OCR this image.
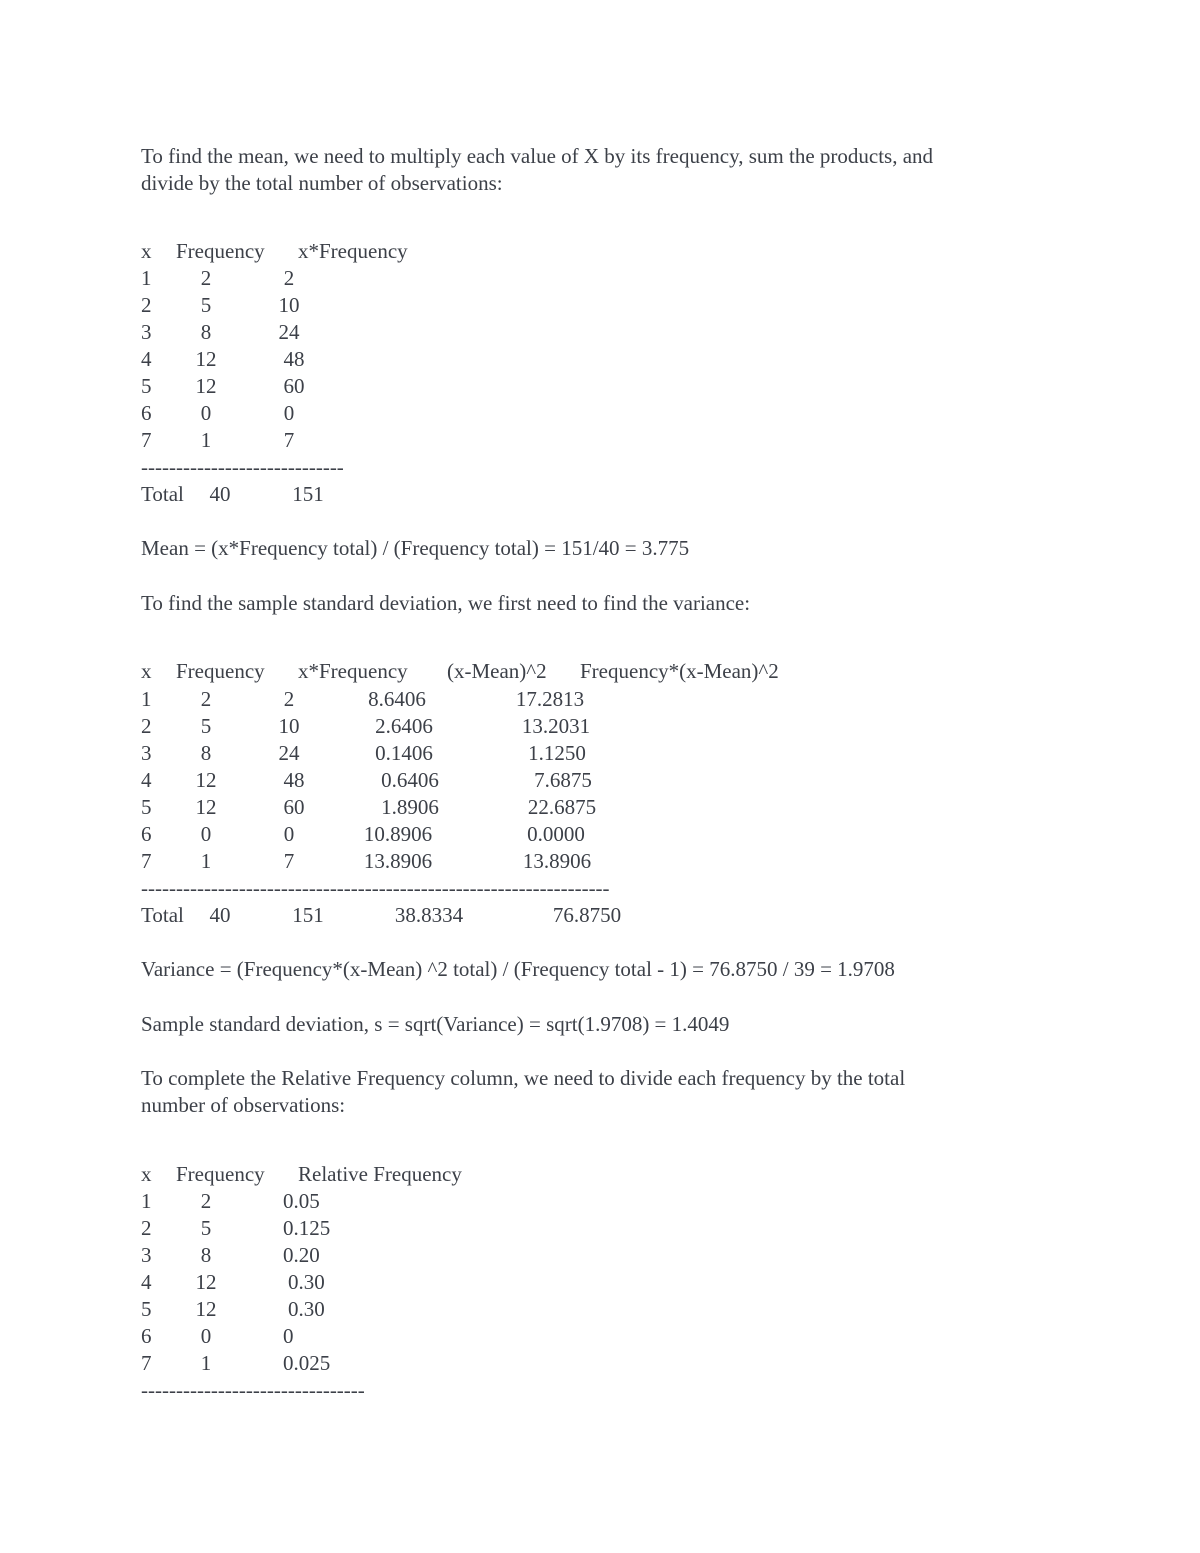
To find the mean, we need to multiply each value of X by its frequency, sum the products, and
divide by the total number of observations:
x Frequency x*Frequency
1 2	2
2 5	10
3 8	24
4 12	48
5 12	60
6 0	0
7 1	7
-----------------------------
Total 40	151
Mean = (x*Frequency total) / (Frequency total) = 151/40 = 3.775
To find the sample standard deviation, we first need to find the variance:
x Frequency x*Frequency (x-Mean)^2 Frequency*(x-Mean)^2
1 2	2	8.6406	17.2813
2 5	10	2.6406	13.2031
3 8	24	0.1406	1.1250
4 12	48	0.6406	7.6875
5 12	60	1.8906	22.6875
6 0	0	10.8906	0.0000
7 1	7	13.8906	13.8906
-------------------------------------------------------------------
Total 40	151	38.8334	76.8750
Variance = (Frequency*(x-Mean) ^2 total) / (Frequency total - 1) = 76.8750 / 39 = 1.9708
Sample standard deviation, s = sqrt(Variance) = sqrt(1.9708) = 1.4049
To complete the Relative Frequency column, we need to divide each frequency by the total
number of observations:
x Frequency Relative Frequency
1 2	0.05
2 5	0.125
3 8	0.20
4 12	0.30
5 12	0.30
6 0	0
7 1	0.025
--------------------------------
